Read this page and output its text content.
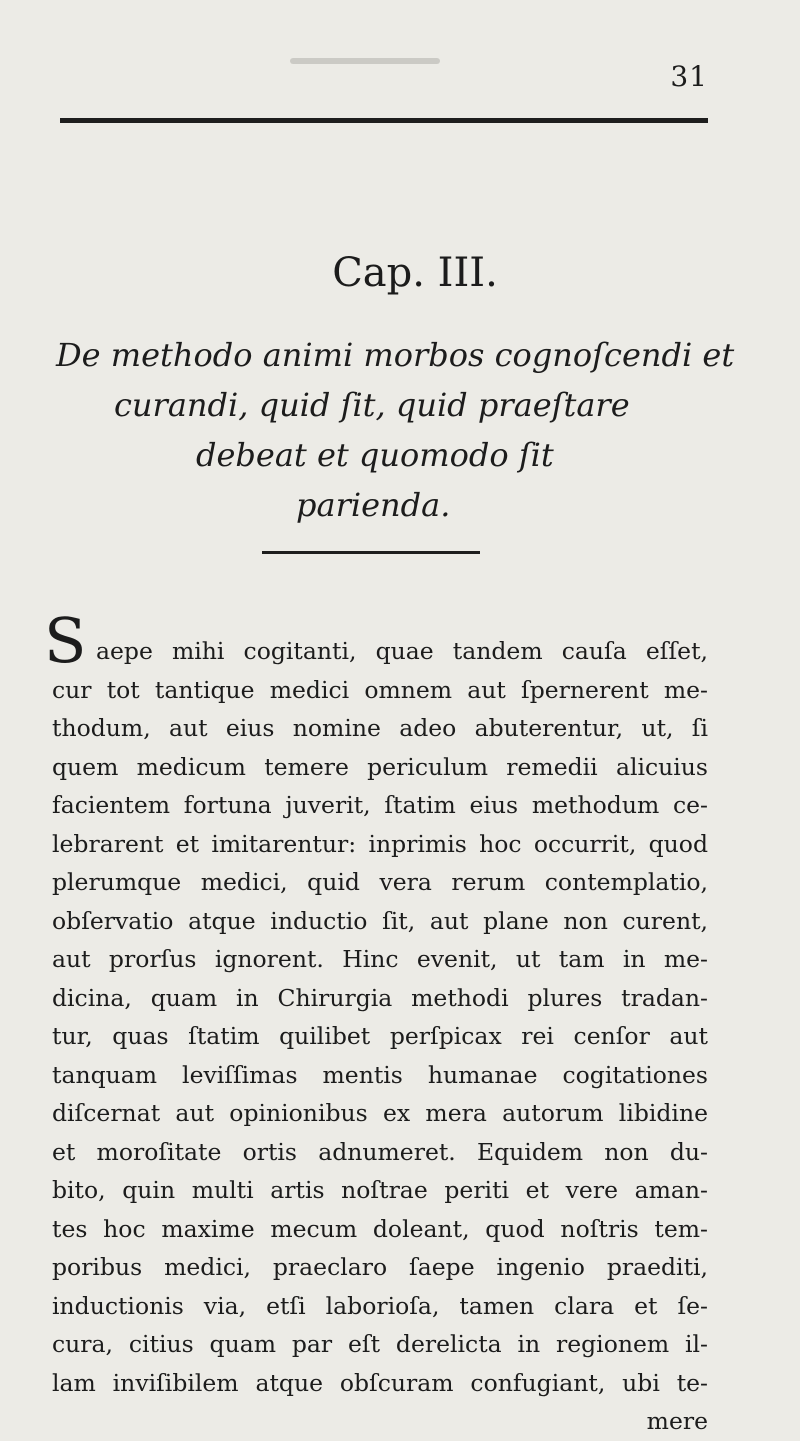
31
Cap. III.
De methodo animi morbos cognoſcendi et
curandi, quid ſit, quid praeſtare
debeat et quomodo ſit
parienda.
S aepe mihi cogitanti, quae tandem cauſa eſſet,
cur tot tantique medici omnem aut ſpernerent me-
thodum, aut eius nomine adeo abuterentur, ut, ſi
quem medicum temere periculum remedii alicuius
facientem fortuna juverit, ſtatim eius methodum ce-
lebrarent et imitarentur: inprimis hoc occurrit, quod
plerumque medici, quid vera rerum contemplatio,
obſervatio atque inductio ſit, aut plane non curent,
aut prorſus ignorent. Hinc evenit, ut tam in me-
dicina, quam in Chirurgia methodi plures tradan-
tur, quas ſtatim quilibet perſpicax rei cenſor aut
tanquam leviſſimas mentis humanae cogitationes
diſcernat aut opinionibus ex mera autorum libidine
et moroſitate ortis adnumeret. Equidem non du-
bito, quin multi artis noſtrae periti et vere aman-
tes hoc maxime mecum doleant, quod noſtris tem-
poribus medici, praeclaro ſaepe ingenio praediti,
inductionis via, etſi laborioſa, tamen clara et ſe-
cura, citius quam par eſt derelicta in regionem il-
lam inviſibilem atque obſcuram confugiant, ubi te-
mere
